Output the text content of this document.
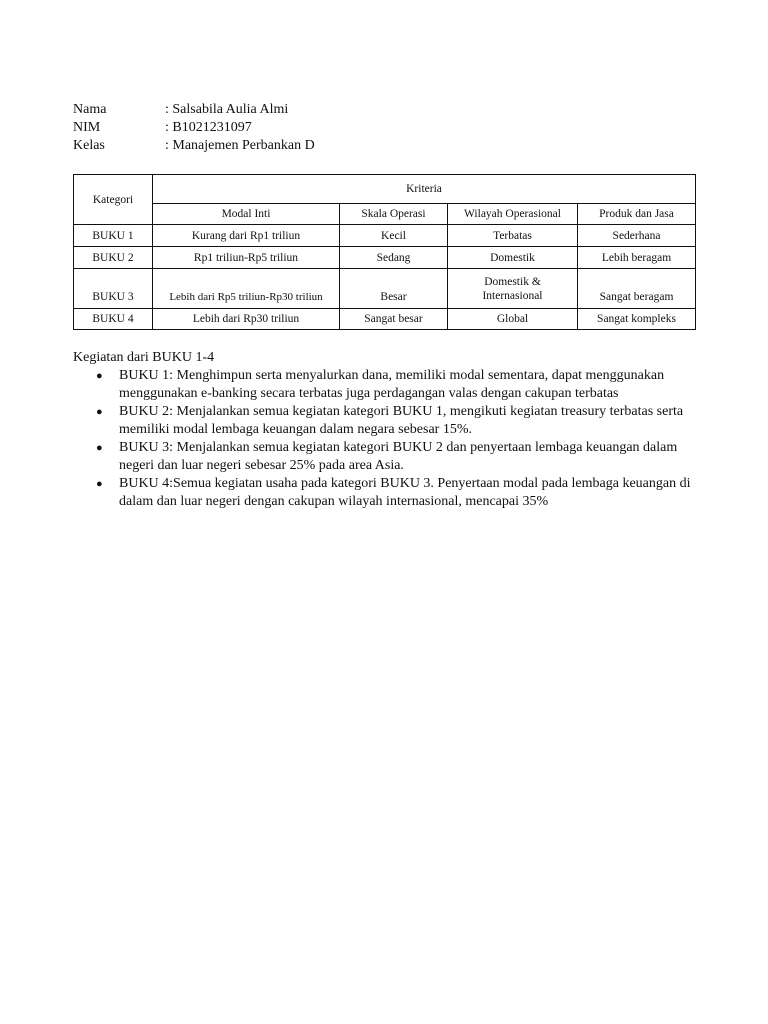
Nama	: Salsabila Aulia Almi
NIM	: B1021231097
Kelas	: Manajemen Perbankan D
Kategori	Kriteria			
	Modal Inti	Skala Operasi	Wilayah Operasional	Produk dan Jasa
BUKU 1	Kurang dari Rp1 triliun	Kecil	Terbatas	Sederhana
BUKU 2	Rp1 triliun-Rp5 triliun	Sedang	Domestik	Lebih beragam
BUKU 3	Lebih dari Rp5 triliun-Rp30 triliun	Besar	Domestik & Internasional	Sangat beragam
BUKU 4	Lebih dari Rp30 triliun	Sangat besar	Global	Sangat kompleks
Kegiatan dari BUKU 1-4
● BUKU 1: Menghimpun serta menyalurkan dana, memiliki modal sementara, dapat menggunakan menggunakan e-banking secara terbatas juga perdagangan valas dengan cakupan terbatas
● BUKU 2: Menjalankan semua kegiatan kategori BUKU 1, mengikuti kegiatan treasury terbatas serta memiliki modal lembaga keuangan dalam negara sebesar 15%.
● BUKU 3: Menjalankan semua kegiatan kategori BUKU 2 dan penyertaan lembaga keuangan dalam negeri dan luar negeri sebesar 25% pada area Asia.
● BUKU 4:Semua kegiatan usaha pada kategori BUKU 3. Penyertaan modal pada lembaga keuangan di dalam dan luar negeri dengan cakupan wilayah internasional, mencapai 35%
